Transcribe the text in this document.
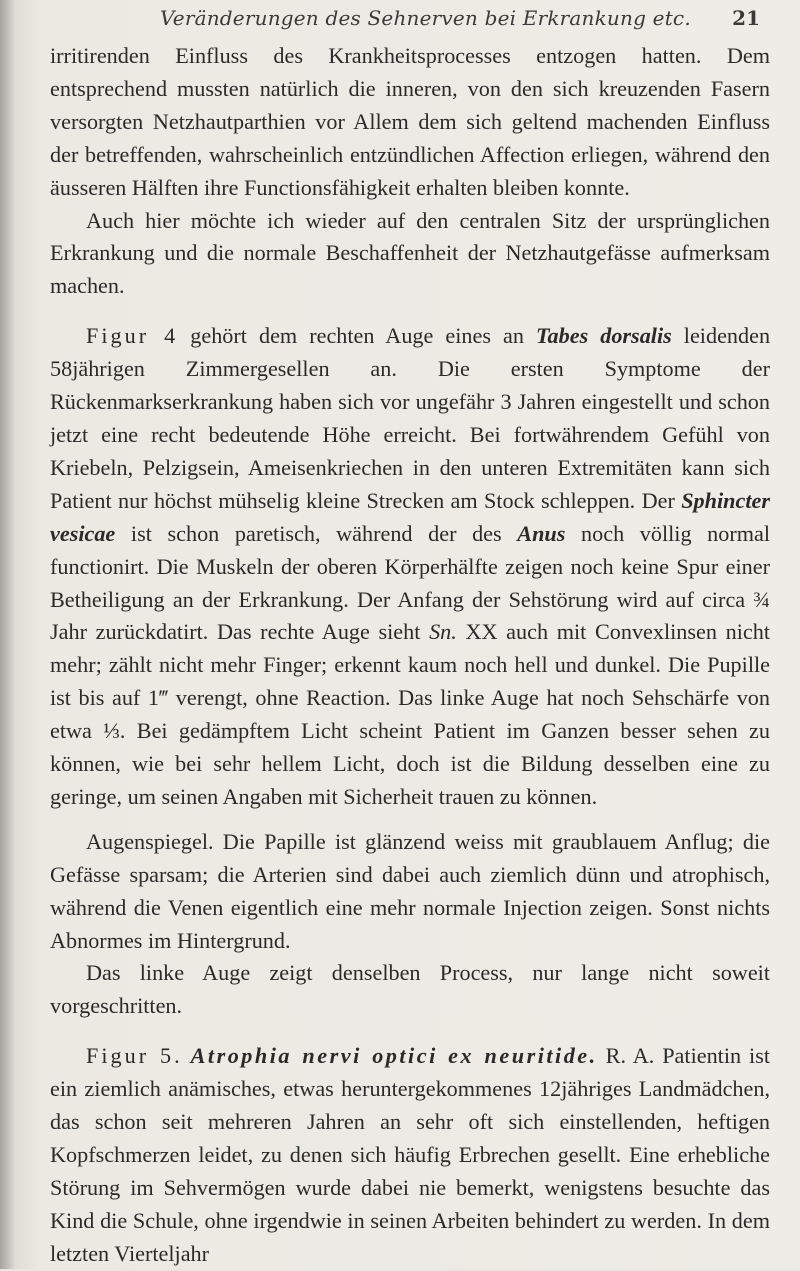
Veränderungen des Sehnerven bei Erkrankung etc. 21

irritirenden Einfluss des Krankheitsprocesses entzogen hatten. Dem entsprechend mussten natürlich die inneren, von den sich kreuzenden Fasern versorgten Netzhautparthien vor Allem dem sich geltend machenden Einfluss der betreffenden, wahrscheinlich entzündlichen Affection erliegen, während den äusseren Hälften ihre Functionsfähigkeit erhalten bleiben konnte.

Auch hier möchte ich wieder auf den centralen Sitz der ursprünglichen Erkrankung und die normale Beschaffenheit der Netzhautgefässe aufmerksam machen.

Figur 4 gehört dem rechten Auge eines an Tabes dorsalis leidenden 58jährigen Zimmergesellen an. Die ersten Symptome der Rückenmarkserkrankung haben sich vor ungefähr 3 Jahren eingestellt und schon jetzt eine recht bedeutende Höhe erreicht. Bei fortwährendem Gefühl von Kriebeln, Pelzigsein, Ameisenkriechen in den unteren Extremitäten kann sich Patient nur höchst mühselig kleine Strecken am Stock schleppen. Der Sphincter vesicae ist schon paretisch, während der des Anus noch völlig normal functionirt. Die Muskeln der oberen Körperhälfte zeigen noch keine Spur einer Betheiligung an der Erkrankung. Der Anfang der Sehstörung wird auf circa ¾ Jahr zurückdatirt. Das rechte Auge sieht Sn. XX auch mit Convexlinsen nicht mehr; zählt nicht mehr Finger; erkennt kaum noch hell und dunkel. Die Pupille ist bis auf 1‴ verengt, ohne Reaction. Das linke Auge hat noch Sehschärfe von etwa ⅓. Bei gedämpftem Licht scheint Patient im Ganzen besser sehen zu können, wie bei sehr hellem Licht, doch ist die Bildung desselben eine zu geringe, um seinen Angaben mit Sicherheit trauen zu können.

Augenspiegel. Die Papille ist glänzend weiss mit graublauem Anflug; die Gefässe sparsam; die Arterien sind dabei auch ziemlich dünn und atrophisch, während die Venen eigentlich eine mehr normale Injection zeigen. Sonst nichts Abnormes im Hintergrund.

Das linke Auge zeigt denselben Process, nur lange nicht soweit vorgeschritten.

Figur 5. Atrophia nervi optici ex neuritide. R. A. Patientin ist ein ziemlich anämisches, etwas heruntergekommenes 12jähriges Landmädchen, das schon seit mehreren Jahren an sehr oft sich einstellenden, heftigen Kopfschmerzen leidet, zu denen sich häufig Erbrechen gesellt. Eine erhebliche Störung im Sehvermögen wurde dabei nie bemerkt, wenigstens besuchte das Kind die Schule, ohne irgendwie in seinen Arbeiten behindert zu werden. In dem letzten Vierteljahr
